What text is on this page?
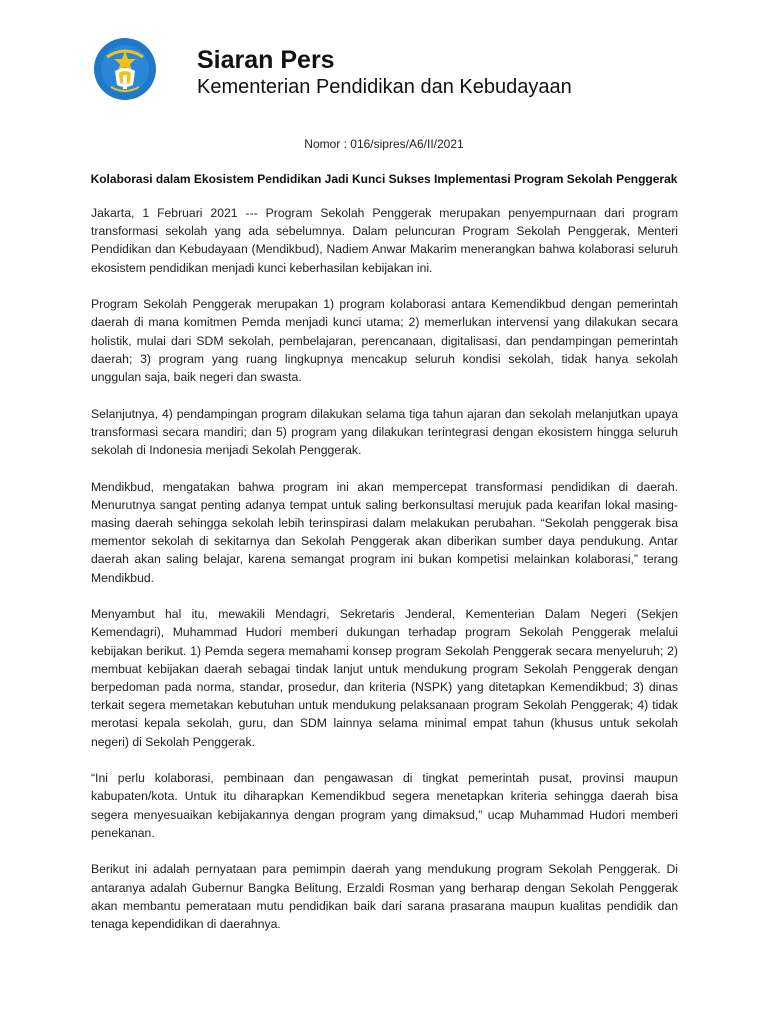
Siaran Pers

Kementerian Pendidikan dan Kebudayaan

Nomor : 016/sipres/A6/II/2021
Kolaborasi dalam Ekosistem Pendidikan Jadi Kunci Sukses Implementasi Program Sekolah Penggerak

Jakarta, 1 Februari 2021 --- Program Sekolah Penggerak merupakan penyempurnaan dari program transformasi sekolah yang ada sebelumnya. Dalam peluncuran Program Sekolah Penggerak, Menteri Pendidikan dan Kebudayaan (Mendikbud), Nadiem Anwar Makarim menerangkan bahwa kolaborasi seluruh ekosistem pendidikan menjadi kunci keberhasilan kebijakan ini.

Program Sekolah Penggerak merupakan 1) program kolaborasi antara Kemendikbud dengan pemerintah daerah di mana komitmen Pemda menjadi kunci utama; 2) memerlukan intervensi yang dilakukan secara holistik, mulai dari SDM sekolah, pembelajaran, perencanaan, digitalisasi, dan pendampingan pemerintah daerah; 3) program yang ruang lingkupnya mencakup seluruh kondisi sekolah, tidak hanya sekolah unggulan saja, baik negeri dan swasta.

Selanjutnya, 4) pendampingan program dilakukan selama tiga tahun ajaran dan sekolah melanjutkan upaya transformasi secara mandiri; dan 5) program yang dilakukan terintegrasi dengan ekosistem hingga seluruh sekolah di Indonesia menjadi Sekolah Penggerak.

Mendikbud, mengatakan bahwa program ini akan mempercepat transformasi pendidikan di daerah. Menurutnya sangat penting adanya tempat untuk saling berkonsultasi merujuk pada kearifan lokal masing-masing daerah sehingga sekolah lebih terinspirasi dalam melakukan perubahan. “Sekolah penggerak bisa mementor sekolah di sekitarnya dan Sekolah Penggerak akan diberikan sumber daya pendukung. Antar daerah akan saling belajar, karena semangat program ini bukan kompetisi melainkan kolaborasi,” terang Mendikbud.

Menyambut hal itu, mewakili Mendagri, Sekretaris Jenderal, Kementerian Dalam Negeri (Sekjen Kemendagri), Muhammad Hudori memberi dukungan terhadap program Sekolah Penggerak melalui kebijakan berikut. 1) Pemda segera memahami konsep program Sekolah Penggerak secara menyeluruh; 2) membuat kebijakan daerah sebagai tindak lanjut untuk mendukung program Sekolah Penggerak dengan berpedoman pada norma, standar, prosedur, dan kriteria (NSPK) yang ditetapkan Kemendikbud; 3) dinas terkait segera memetakan kebutuhan untuk mendukung pelaksanaan program Sekolah Penggerak; 4) tidak merotasi kepala sekolah, guru, dan SDM lainnya selama minimal empat tahun (khusus untuk sekolah negeri) di Sekolah Penggerak.

“Ini perlu kolaborasi, pembinaan dan pengawasan di tingkat pemerintah pusat, provinsi maupun kabupaten/kota. Untuk itu diharapkan Kemendikbud segera menetapkan kriteria sehingga daerah bisa segera menyesuaikan kebijakannya dengan program yang dimaksud,” ucap Muhammad Hudori memberi penekanan.

Berikut ini adalah pernyataan para pemimpin daerah yang mendukung program Sekolah Penggerak. Di antaranya adalah Gubernur Bangka Belitung, Erzaldi Rosman yang berharap dengan Sekolah Penggerak akan membantu pemerataan mutu pendidikan baik dari sarana prasarana maupun kualitas pendidik dan tenaga kependidikan di daerahnya.
